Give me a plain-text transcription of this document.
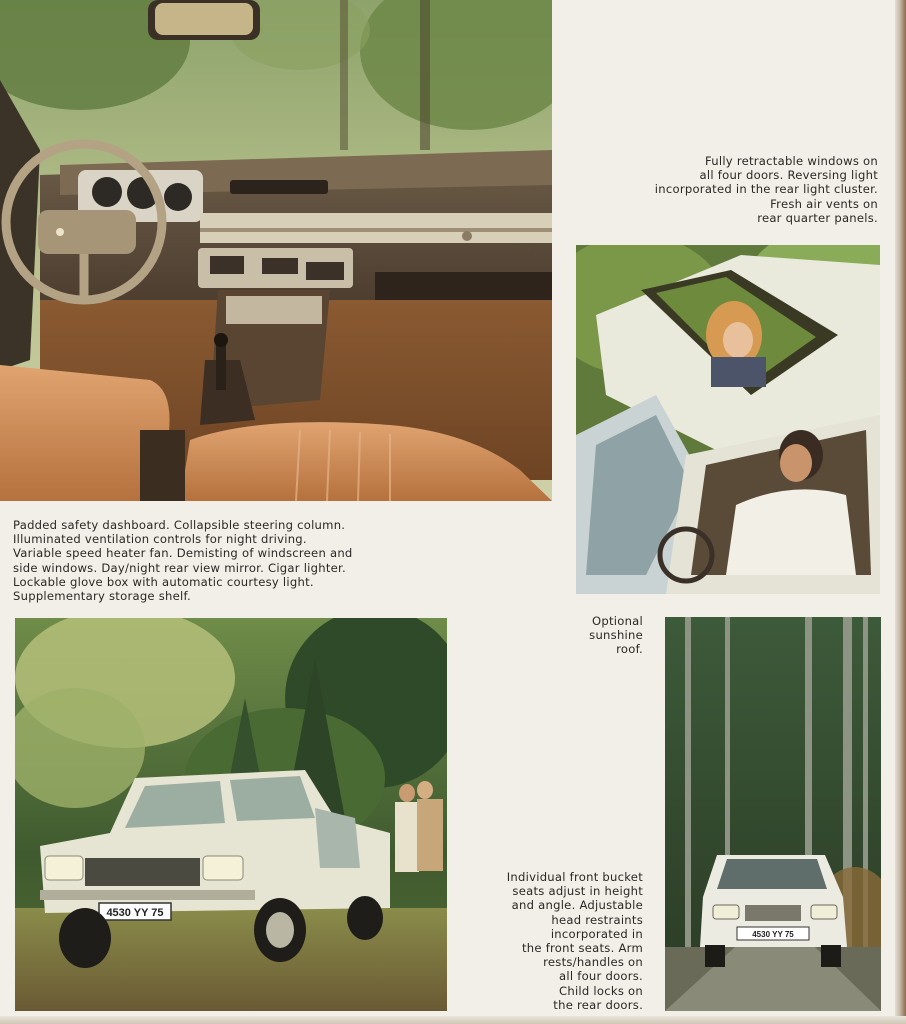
504
Fully retractable windows on
all four doors. Reversing light
incorporated in the rear light cluster.
Fresh air vents on
rear quarter panels.
Padded safety dashboard. Collapsible steering column.
Illuminated ventilation controls for night driving.
Variable speed heater fan. Demisting of windscreen and
side windows. Day/night rear view mirror. Cigar lighter.
Lockable glove box with automatic courtesy light.
Supplementary storage shelf.
Optional
sunshine
roof.
4530 YY 75
4530 YY 75
Individual front bucket
seats adjust in height
and angle. Adjustable
head restraints
incorporated in
the front seats. Arm
rests/handles on
all four doors.
Child locks on
the rear doors.
